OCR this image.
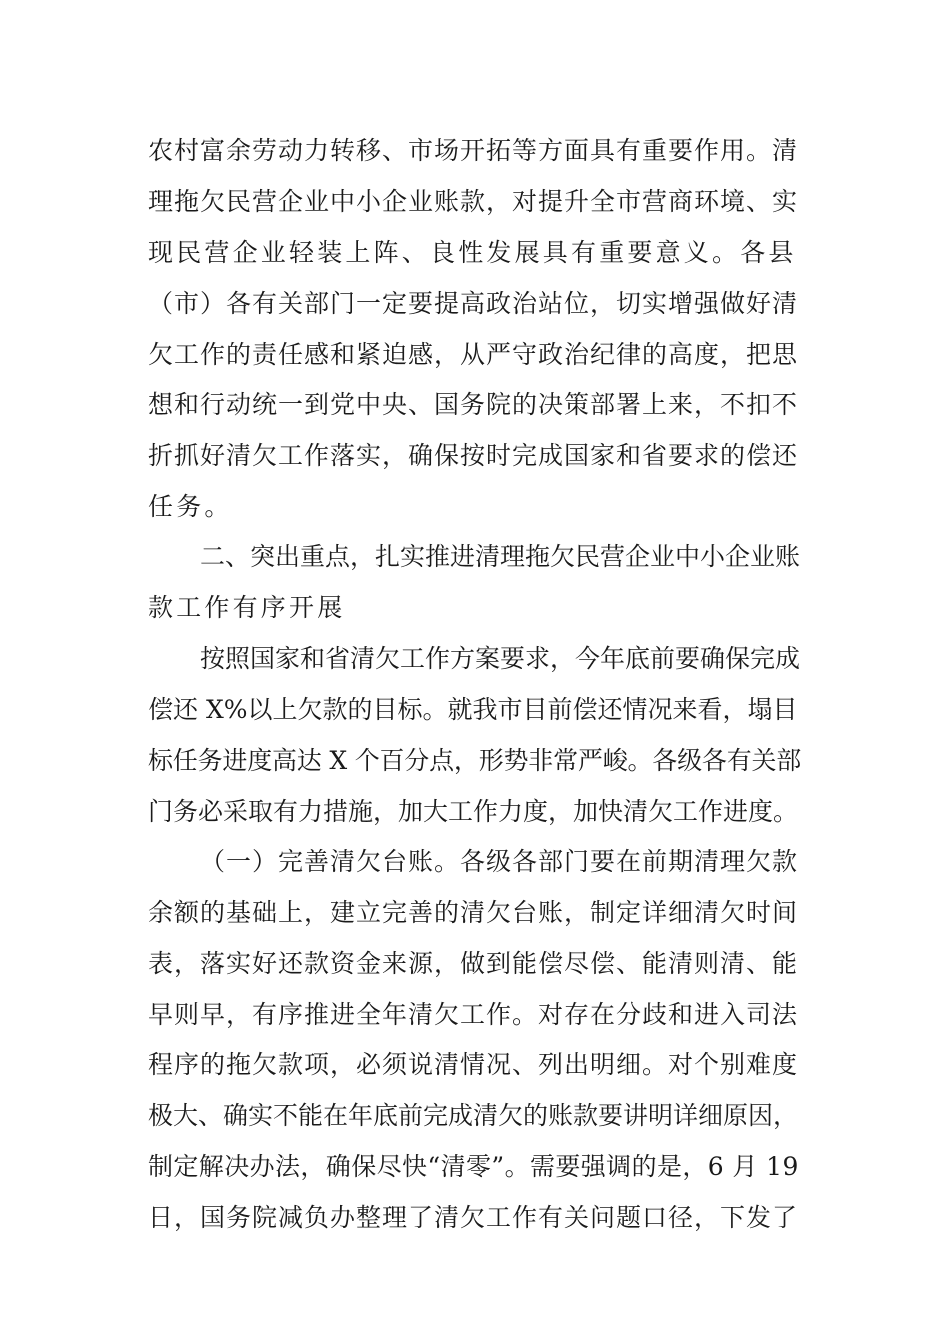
农村富余劳动力转移、市场开拓等方面具有重要作用。清
理拖欠民营企业中小企业账款，对提升全市营商环境、实
现民营企业轻装上阵、良性发展具有重要意义。各县
（市）各有关部门一定要提高政治站位，切实增强做好清
欠工作的责任感和紧迫感，从严守政治纪律的高度，把思
想和行动统一到党中央、国务院的决策部署上来，不扣不
折抓好清欠工作落实，确保按时完成国家和省要求的偿还
任务。
二、突出重点，扎实推进清理拖欠民营企业中小企业账
款工作有序开展
按照国家和省清欠工作方案要求，今年底前要确保完成
偿还 X%以上欠款的目标。就我市目前偿还情况来看，塌目
标任务进度高达 X 个百分点，形势非常严峻。各级各有关部
门务必采取有力措施，加大工作力度，加快清欠工作进度。
（一）完善清欠台账。各级各部门要在前期清理欠款
余额的基础上，建立完善的清欠台账，制定详细清欠时间
表，落实好还款资金来源，做到能偿尽偿、能清则清、能
早则早，有序推进全年清欠工作。对存在分歧和进入司法
程序的拖欠款项，必须说清情况、列出明细。对个别难度
极大、确实不能在年底前完成清欠的账款要讲明详细原因，
制定解决办法，确保尽快“清零”。需要强调的是，6 月 19
日，国务院减负办整理了清欠工作有关问题口径，下发了
